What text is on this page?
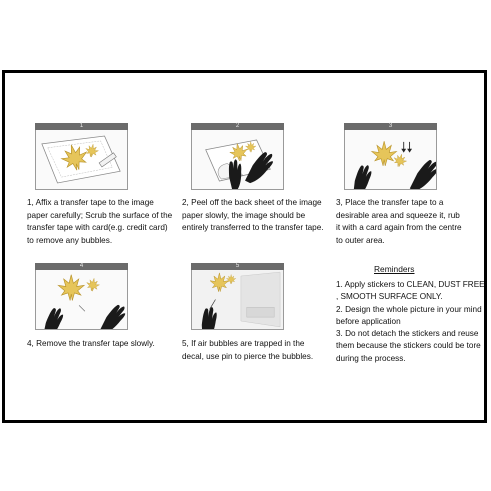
1	2	3
1, Affix a transfer tape to the image
paper carefully; Scrub the surface of the
transfer tape with card(e.g. credit card)
to remove any bubbles.
2, Peel off the back sheet of the image
paper slowly, the image should be
entirely transferred to the transfer tape.
3, Place the transfer tape to a
desirable area and squeeze it, rub
it with a card again from the centre
to outer area.
4	5
4, Remove the transfer tape slowly.	5, If air bubbles are trapped in the
decal, use pin to pierce the bubbles.
Reminders
1. Apply stickers to CLEAN, DUST FREE
, SMOOTH SURFACE ONLY.
2. Design the whole picture in your mind
before application
3. Do not detach the stickers and reuse
them because the stickers could be tore
during the process.
